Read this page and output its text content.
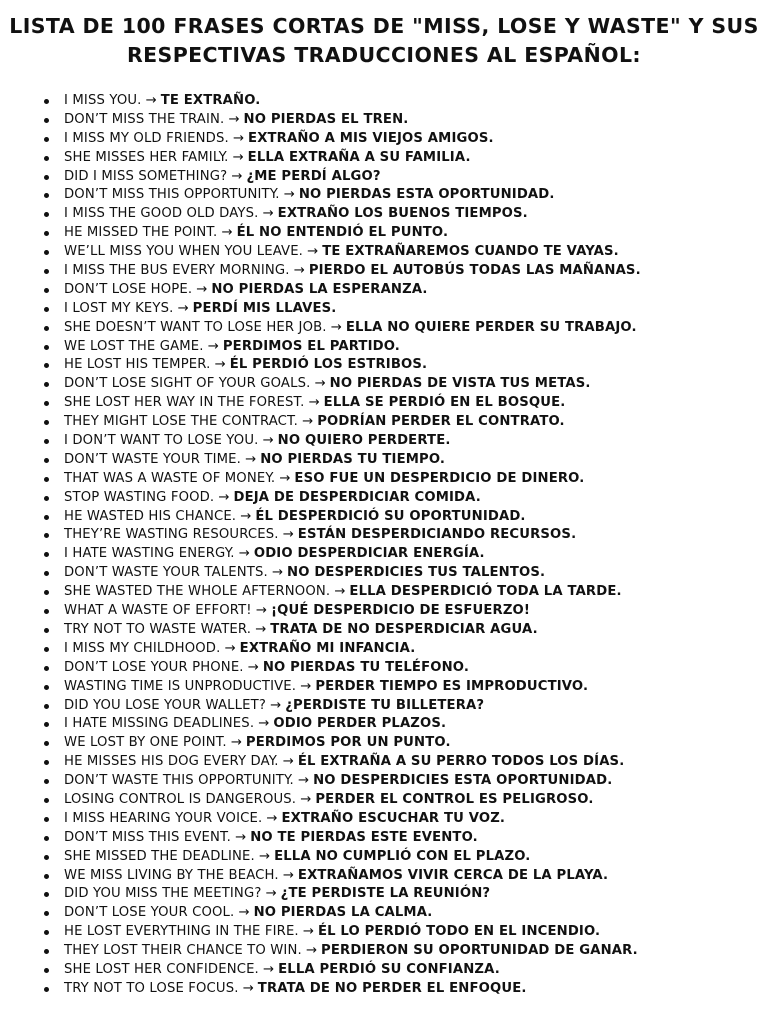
LISTA DE 100 FRASES CORTAS DE "MISS, LOSE Y WASTE" Y SUS RESPECTIVAS TRADUCCIONES AL ESPAÑOL:
I MISS YOU. → TE EXTRAÑO.
DON’T MISS THE TRAIN. → NO PIERDAS EL TREN.
I MISS MY OLD FRIENDS. → EXTRAÑO A MIS VIEJOS AMIGOS.
SHE MISSES HER FAMILY. → ELLA EXTRAÑA A SU FAMILIA.
DID I MISS SOMETHING? → ¿ME PERDÍ ALGO?
DON’T MISS THIS OPPORTUNITY. → NO PIERDAS ESTA OPORTUNIDAD.
I MISS THE GOOD OLD DAYS. → EXTRAÑO LOS BUENOS TIEMPOS.
HE MISSED THE POINT. → ÉL NO ENTENDIÓ EL PUNTO.
WE’LL MISS YOU WHEN YOU LEAVE. → TE EXTRAÑAREMOS CUANDO TE VAYAS.
I MISS THE BUS EVERY MORNING. → PIERDO EL AUTOBÚS TODAS LAS MAÑANAS.
DON’T LOSE HOPE. → NO PIERDAS LA ESPERANZA.
I LOST MY KEYS. → PERDÍ MIS LLAVES.
SHE DOESN’T WANT TO LOSE HER JOB. → ELLA NO QUIERE PERDER SU TRABAJO.
WE LOST THE GAME. → PERDIMOS EL PARTIDO.
HE LOST HIS TEMPER. → ÉL PERDIÓ LOS ESTRIBOS.
DON’T LOSE SIGHT OF YOUR GOALS. → NO PIERDAS DE VISTA TUS METAS.
SHE LOST HER WAY IN THE FOREST. → ELLA SE PERDIÓ EN EL BOSQUE.
THEY MIGHT LOSE THE CONTRACT. → PODRÍAN PERDER EL CONTRATO.
I DON’T WANT TO LOSE YOU. → NO QUIERO PERDERTE.
DON’T WASTE YOUR TIME. → NO PIERDAS TU TIEMPO.
THAT WAS A WASTE OF MONEY. → ESO FUE UN DESPERDICIO DE DINERO.
STOP WASTING FOOD. → DEJA DE DESPERDICIAR COMIDA.
HE WASTED HIS CHANCE. → ÉL DESPERDICIÓ SU OPORTUNIDAD.
THEY’RE WASTING RESOURCES. → ESTÁN DESPERDICIANDO RECURSOS.
I HATE WASTING ENERGY. → ODIO DESPERDICIAR ENERGÍA.
DON’T WASTE YOUR TALENTS. → NO DESPERDICIES TUS TALENTOS.
SHE WASTED THE WHOLE AFTERNOON. → ELLA DESPERDICIÓ TODA LA TARDE.
WHAT A WASTE OF EFFORT! → ¡QUÉ DESPERDICIO DE ESFUERZO!
TRY NOT TO WASTE WATER. → TRATA DE NO DESPERDICIAR AGUA.
I MISS MY CHILDHOOD. → EXTRAÑO MI INFANCIA.
DON’T LOSE YOUR PHONE. → NO PIERDAS TU TELÉFONO.
WASTING TIME IS UNPRODUCTIVE. → PERDER TIEMPO ES IMPRODUCTIVO.
DID YOU LOSE YOUR WALLET? → ¿PERDISTE TU BILLETERA?
I HATE MISSING DEADLINES. → ODIO PERDER PLAZOS.
WE LOST BY ONE POINT. → PERDIMOS POR UN PUNTO.
HE MISSES HIS DOG EVERY DAY. → ÉL EXTRAÑA A SU PERRO TODOS LOS DÍAS.
DON’T WASTE THIS OPPORTUNITY. → NO DESPERDICIES ESTA OPORTUNIDAD.
LOSING CONTROL IS DANGEROUS. → PERDER EL CONTROL ES PELIGROSO.
I MISS HEARING YOUR VOICE. → EXTRAÑO ESCUCHAR TU VOZ.
DON’T MISS THIS EVENT. → NO TE PIERDAS ESTE EVENTO.
SHE MISSED THE DEADLINE. → ELLA NO CUMPLIÓ CON EL PLAZO.
WE MISS LIVING BY THE BEACH. → EXTRAÑAMOS VIVIR CERCA DE LA PLAYA.
DID YOU MISS THE MEETING? → ¿TE PERDISTE LA REUNIÓN?
DON’T LOSE YOUR COOL. → NO PIERDAS LA CALMA.
HE LOST EVERYTHING IN THE FIRE. → ÉL LO PERDIÓ TODO EN EL INCENDIO.
THEY LOST THEIR CHANCE TO WIN. → PERDIERON SU OPORTUNIDAD DE GANAR.
SHE LOST HER CONFIDENCE. → ELLA PERDIÓ SU CONFIANZA.
TRY NOT TO LOSE FOCUS. → TRATA DE NO PERDER EL ENFOQUE.
